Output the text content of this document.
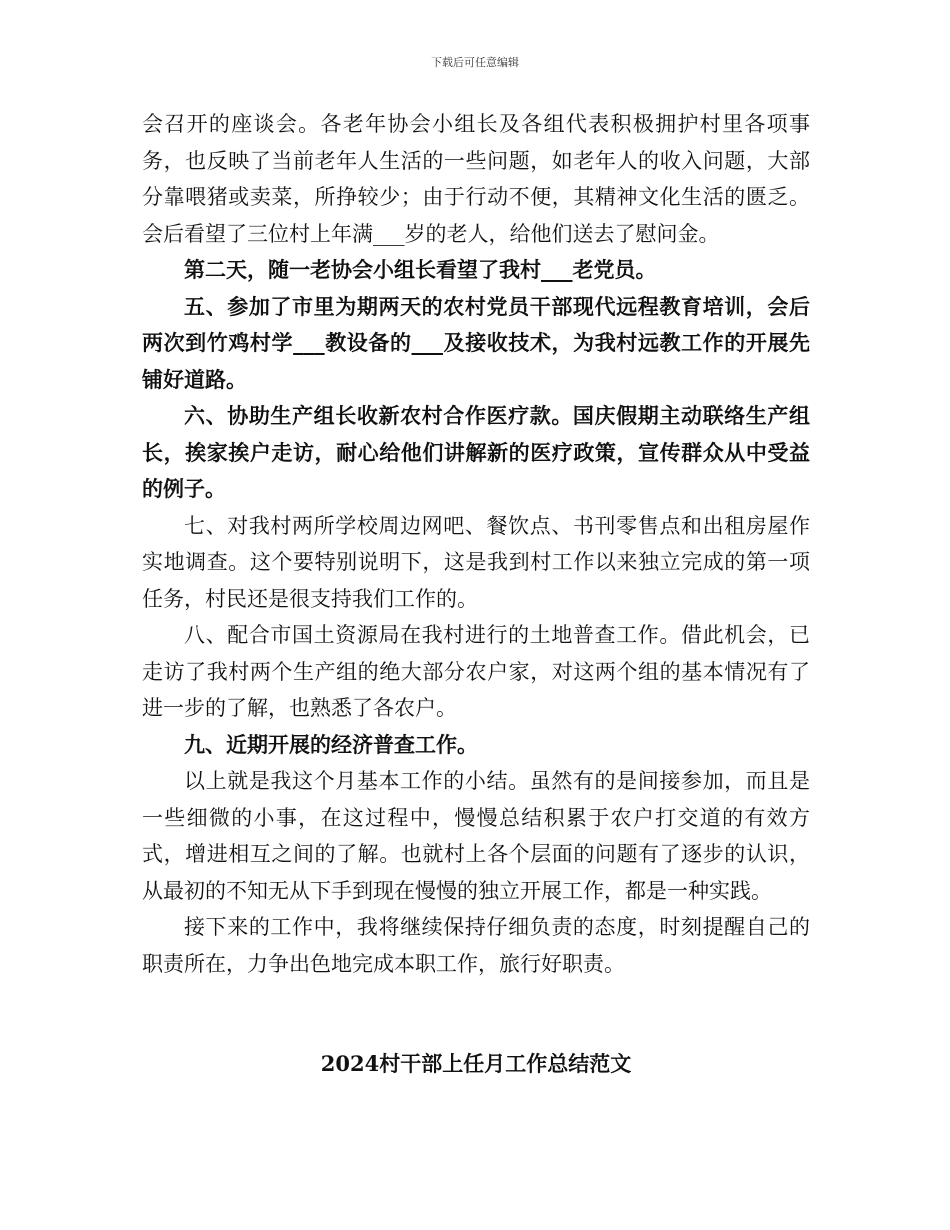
下载后可任意编辑

会召开的座谈会。各老年协会小组长及各组代表积极拥护村里各项事务，也反映了当前老年人生活的一些问题，如老年人的收入问题，大部分靠喂猪或卖菜，所挣较少；由于行动不便，其精神文化生活的匮乏。会后看望了三位村上年满___岁的老人，给他们送去了慰问金。

第二天，随一老协会小组长看望了我村___老党员。

五、参加了市里为期两天的农村党员干部现代远程教育培训，会后两次到竹鸡村学___教设备的___及接收技术，为我村远教工作的开展先铺好道路。

六、协助生产组长收新农村合作医疗款。国庆假期主动联络生产组长，挨家挨户走访，耐心给他们讲解新的医疗政策，宣传群众从中受益的例子。

七、对我村两所学校周边网吧、餐饮点、书刊零售点和出租房屋作实地调查。这个要特别说明下，这是我到村工作以来独立完成的第一项任务，村民还是很支持我们工作的。

八、配合市国土资源局在我村进行的土地普查工作。借此机会，已走访了我村两个生产组的绝大部分农户家，对这两个组的基本情况有了进一步的了解，也熟悉了各农户。

九、近期开展的经济普查工作。

以上就是我这个月基本工作的小结。虽然有的是间接参加，而且是一些细微的小事，在这过程中，慢慢总结积累于农户打交道的有效方式，增进相互之间的了解。也就村上各个层面的问题有了逐步的认识，从最初的不知无从下手到现在慢慢的独立开展工作，都是一种实践。

接下来的工作中，我将继续保持仔细负责的态度，时刻提醒自己的职责所在，力争出色地完成本职工作，旅行好职责。

2024村干部上任月工作总结范文
